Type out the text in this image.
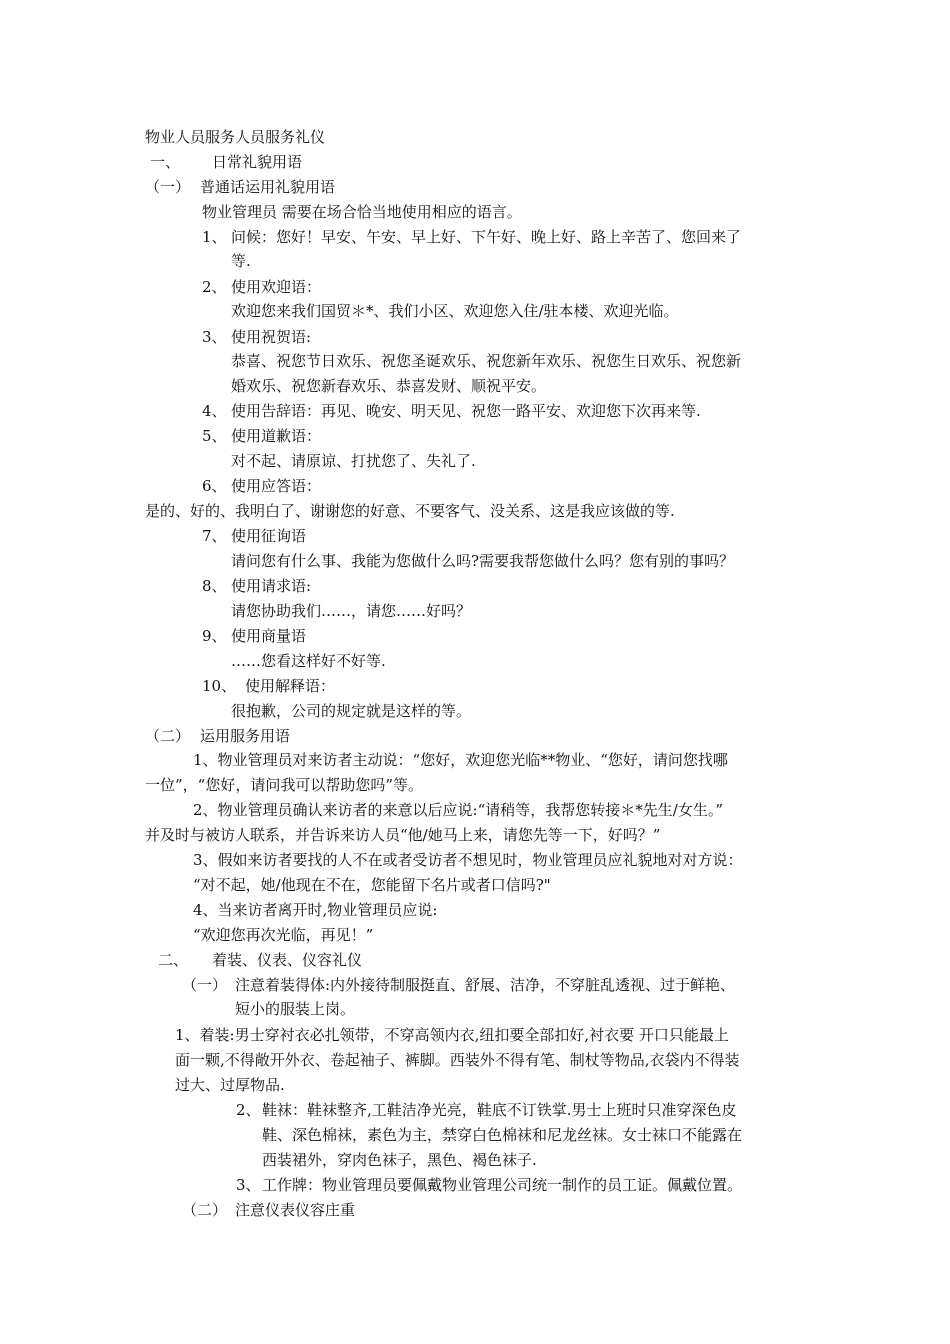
物业人员服务人员服务礼仪
一、 日常礼貌用语
（一） 普通话运用礼貌用语
物业管理员 需要在场合恰当地使用相应的语言。
1、 问候：您好！早安、午安、早上好、下午好、晚上好、路上辛苦了、您回来了
等.
2、 使用欢迎语：
欢迎您来我们国贸＊*、我们小区、欢迎您入住/驻本楼、欢迎光临。
3、 使用祝贺语:
恭喜、祝您节日欢乐、祝您圣诞欢乐、祝您新年欢乐、祝您生日欢乐、祝您新
婚欢乐、祝您新春欢乐、恭喜发财、顺祝平安。
4、 使用告辞语：再见、晚安、明天见、祝您一路平安、欢迎您下次再来等.
5、 使用道歉语：
对不起、请原谅、打扰您了、失礼了.
6、 使用应答语：
是的、好的、我明白了、谢谢您的好意、不要客气、没关系、这是我应该做的等.
7、 使用征询语
请问您有什么事、我能为您做什么吗?需要我帮您做什么吗？您有别的事吗？
8、 使用请求语:
请您协助我们……，请您……好吗？
9、 使用商量语
……您看这样好不好等.
10、 使用解释语：
很抱歉，公司的规定就是这样的等。
（二） 运用服务用语
1、物业管理员对来访者主动说：“您好，欢迎您光临**物业、“您好，请问您找哪
一位”，“您好，请问我可以帮助您吗”等。
2、物业管理员确认来访者的来意以后应说:“请稍等，我帮您转接＊*先生/女生。”
并及时与被访人联系，并告诉来访人员“他/她马上来，请您先等一下，好吗？”
3、假如来访者要找的人不在或者受访者不想见时，物业管理员应礼貌地对对方说：
“对不起，她/他现在不在，您能留下名片或者口信吗?"
4、当来访者离开时,物业管理员应说:
“欢迎您再次光临，再见！”
二、 着装、仪表、仪容礼仪
（一） 注意着装得体:内外接待制服挺直、舒展、洁净，不穿脏乱透视、过于鲜艳、
短小的服装上岗。
1、着装:男士穿衬衣必扎领带，不穿高领内衣,纽扣要全部扣好,衬衣要 开口只能最上
面一颗,不得敞开外衣、卷起袖子、裤脚。西装外不得有笔、制杖等物品,衣袋内不得装
过大、过厚物品.
2、 鞋袜：鞋袜整齐,工鞋洁净光亮，鞋底不订铁掌.男士上班时只准穿深色皮
鞋、深色棉袜，素色为主，禁穿白色棉袜和尼龙丝袜。女士袜口不能露在
西装裙外，穿肉色袜子，黑色、褐色袜子.
3、 工作牌：物业管理员要佩戴物业管理公司统一制作的员工证。佩戴位置。
（二） 注意仪表仪容庄重
